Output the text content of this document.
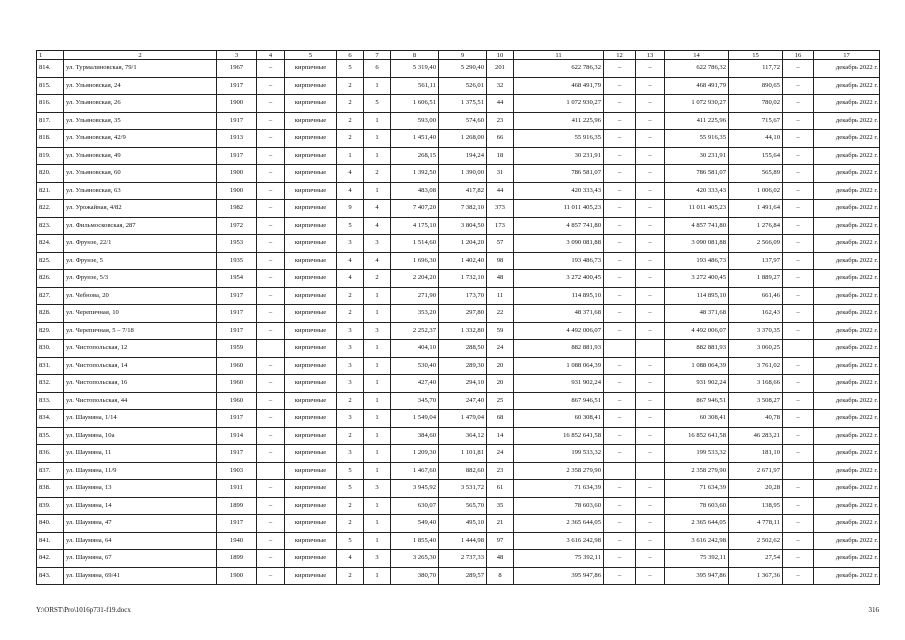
1	2	3	4	5	6	7	8	9	10	11	12	13	14	15	16	17
814.	ул. Турмалиновская, 79/1	1967	–	кирпичные	5	6	5 319,40	5 290,40	201	622 786,32	–	–	622 786,32	117,72	–	декабрь 2022 г.
815.	ул. Ульяновская, 24	1917	–	кирпичные	2	1	561,11	526,01	32	468 491,79	–	–	468 491,79	890,65	–	декабрь 2022 г.
816.	ул. Ульяновская, 26	1900	–	кирпичные	2	5	1 606,51	1 375,51	44	1 072 930,27	–	–	1 072 930,27	780,02	–	декабрь 2022 г.
817.	ул. Ульяновская, 35	1917	–	кирпичные	2	1	593,00	574,60	23	411 225,96	–	–	411 225,96	715,67	–	декабрь 2022 г.
818.	ул. Ульяновская, 42/9	1913	–	кирпичные	2	1	1 451,40	1 268,00	66	55 916,35	–	–	55 916,35	44,10	–	декабрь 2022 г.
819.	ул. Ульяновская, 49	1917	–	кирпичные	1	1	268,15	194,24	18	30 231,91	–	–	30 231,91	155,64	–	декабрь 2022 г.
820.	ул. Ульяновская, 60	1900	–	кирпичные	4	2	1 392,50	1 390,00	31	786 581,07	–	–	786 581,07	565,89	–	декабрь 2022 г.
821.	ул. Ульяновская, 63	1900	–	кирпичные	4	1	483,08	417,82	44	420 333,43	–	–	420 333,43	1 006,02	–	декабрь 2022 г.
822.	ул. Урожайная, 4/82	1982	–	кирпичные	9	4	7 407,20	7 382,10	373	11 011 405,23	–	–	11 011 405,23	1 491,64	–	декабрь 2022 г.
823.	ул. Фильмосковская, 287	1972	–	кирпичные	5	4	4 175,10	3 804,50	173	4 857 741,80	–	–	4 857 741,80	1 276,84	–	декабрь 2022 г.
824.	ул. Фрунзе, 22/1	1953	–	кирпичные	3	3	1 514,60	1 204,20	57	3 090 081,88	–	–	3 090 081,88	2 566,09	–	декабрь 2022 г.
825.	ул. Фрунзе, 5	1935	–	кирпичные	4	4	1 696,30	1 402,40	98	193 486,73	–	–	193 486,73	137,97	–	декабрь 2022 г.
826.	ул. Фрунзе, 5/3	1954	–	кирпичные	4	2	2 204,20	1 732,10	48	3 272 400,45	–	–	3 272 400,45	1 889,27	–	декабрь 2022 г.
827.	ул. Чебнова, 20	1917	–	кирпичные	2	1	271,90	173,70	11	114 895,10	–	–	114 895,10	661,46	–	декабрь 2022 г.
828.	ул. Черепичная, 10	1917	–	кирпичные	2	1	353,20	297,80	22	48 371,68	–	–	48 371,68	162,43	–	декабрь 2022 г.
829.	ул. Черепичная, 5 – 7/18	1917	–	кирпичные	3	3	2 252,37	1 332,80	59	4 492 006,07	–	–	4 492 006,07	3 370,35	–	декабрь 2022 г.
830.	ул. Чистопольская, 12	1959		кирпичные	3	1	404,10	288,50	24	882 881,93			882 881,93	3 060,25		декабрь 2022 г.
831.	ул. Чистопольская, 14	1960	–	кирпичные	3	1	530,40	289,30	20	1 088 064,39	–	–	1 088 064,39	3 761,02	–	декабрь 2022 г.
832.	ул. Чистопольская, 16	1960	–	кирпичные	3	1	427,40	294,10	20	931 902,24	–	–	931 902,24	3 168,66	–	декабрь 2022 г.
833.	ул. Чистопольская, 44	1960	–	кирпичные	2	1	345,70	247,40	25	867 946,51	–	–	867 946,51	3 508,27	–	декабрь 2022 г.
834.	ул. Шаумяна, 1/14	1917	–	кирпичные	3	1	1 549,04	1 479,04	68	60 308,41	–	–	60 308,41	40,78	–	декабрь 2022 г.
835.	ул. Шаумяна, 10а	1914	–	кирпичные	2	1	384,60	364,12	14	16 852 641,58	–	–	16 852 641,58	46 283,21	–	декабрь 2022 г.
836.	ул. Шаумяна, 11	1917	–	кирпичные	3	1	1 209,30	1 101,81	24	199 533,32	–	–	199 533,32	181,10	–	декабрь 2022 г.
837.	ул. Шаумяна, 11/9	1903		кирпичные	5	1	1 467,60	882,60	23	2 358 279,90			2 358 279,90	2 671,97		декабрь 2022 г.
838.	ул. Шаумяна, 13	1911	–	кирпичные	5	3	3 945,92	3 531,72	61	71 634,39	–	–	71 634,39	20,28	–	декабрь 2022 г.
839.	ул. Шаумяна, 14	1899	–	кирпичные	2	1	630,07	565,70	35	78 603,60	–	–	78 603,60	138,95	–	декабрь 2022 г.
840.	ул. Шаумяна, 47	1917	–	кирпичные	2	1	549,40	495,10	21	2 365 644,05	–	–	2 365 644,05	4 778,11	–	декабрь 2022 г.
841.	ул. Шаумяна, 64	1940	–	кирпичные	5	1	1 855,40	1 444,98	97	3 616 242,98	–	–	3 616 242,98	2 502,62	–	декабрь 2022 г.
842.	ул. Шаумяна, 67	1899	–	кирпичные	4	3	3 265,30	2 737,33	48	75 392,11	–	–	75 392,11	27,54	–	декабрь 2022 г.
843.	ул. Шаумяна, 69/41	1900	–	кирпичные	2	1	380,70	289,57	8	395 947,86	–	–	395 947,86	1 367,36	–	декабрь 2022 г.
Y:\ORST\Pro\1016p731-f19.docx	316
